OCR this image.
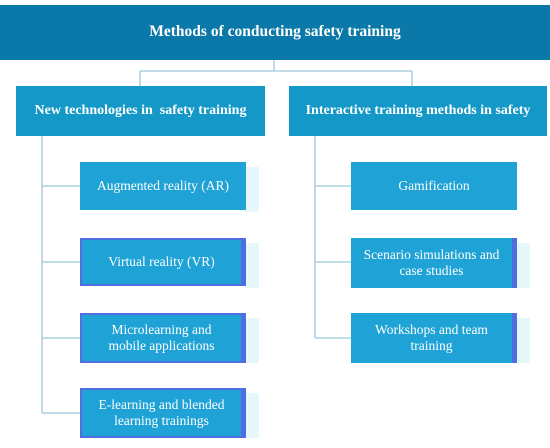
Methods of conducting safety training
New technologies in  safety training	Interactive training methods in safety
Augmented reality (AR)
Virtual reality (VR)
Microlearning and mobile applications
E-learning and blended learning trainings
Gamification
Scenario simulations and case studies
Workshops and team training
